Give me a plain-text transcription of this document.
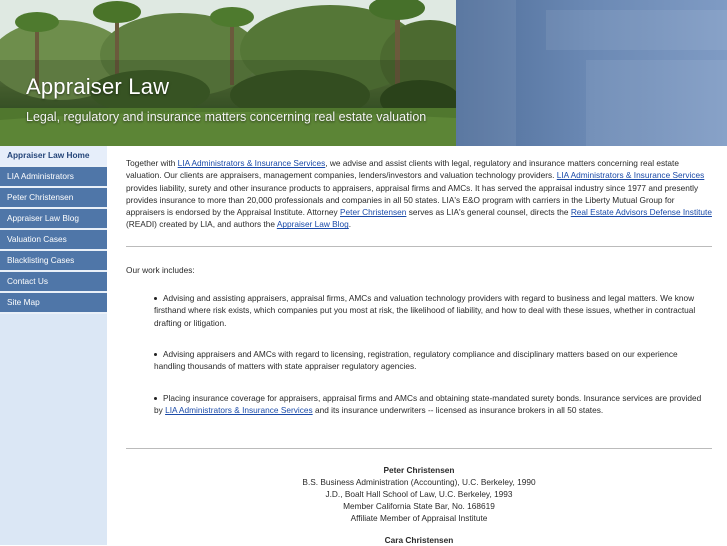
Appraiser Law
Legal, regulatory and insurance matters concerning real estate valuation
Appraiser Law Home
LIA Administrators
Peter Christensen
Appraiser Law Blog
Valuation Cases
Blacklisting Cases
Contact Us
Site Map
Together with LIA Administrators & Insurance Services, we advise and assist clients with legal, regulatory and insurance matters concerning real estate valuation. Our clients are appraisers, management companies, lenders/investors and valuation technology providers. LIA Administrators & Insurance Services provides liability, surety and other insurance products to appraisers, appraisal firms and AMCs. It has served the appraisal industry since 1977 and presently provides insurance to more than 20,000 professionals and companies in all 50 states. LIA's E&O program with carriers in the Liberty Mutual Group for appraisers is endorsed by the Appraisal Institute. Attorney Peter Christensen serves as LIA's general counsel, directs the Real Estate Advisors Defense Institute (READI) created by LIA, and authors the Appraiser Law Blog.
Our work includes:
Advising and assisting appraisers, appraisal firms, AMCs and valuation technology providers with regard to business and legal matters. We know firsthand where risk exists, which companies put you most at risk, the likelihood of liability, and how to deal with these issues, whether in contractual drafting or litigation.
Advising appraisers and AMCs with regard to licensing, registration, regulatory compliance and disciplinary matters based on our experience handling thousands of matters with state appraiser regulatory agencies.
Placing insurance coverage for appraisers, appraisal firms and AMCs and obtaining state-mandated surety bonds. Insurance services are provided by LIA Administrators & Insurance Services and its insurance underwriters -- licensed as insurance brokers in all 50 states.
Peter Christensen
B.S. Business Administration (Accounting), U.C. Berkeley, 1990
J.D., Boalt Hall School of Law, U.C. Berkeley, 1993
Member California State Bar, No. 168619
Affiliate Member of Appraisal Institute
Cara Christensen
